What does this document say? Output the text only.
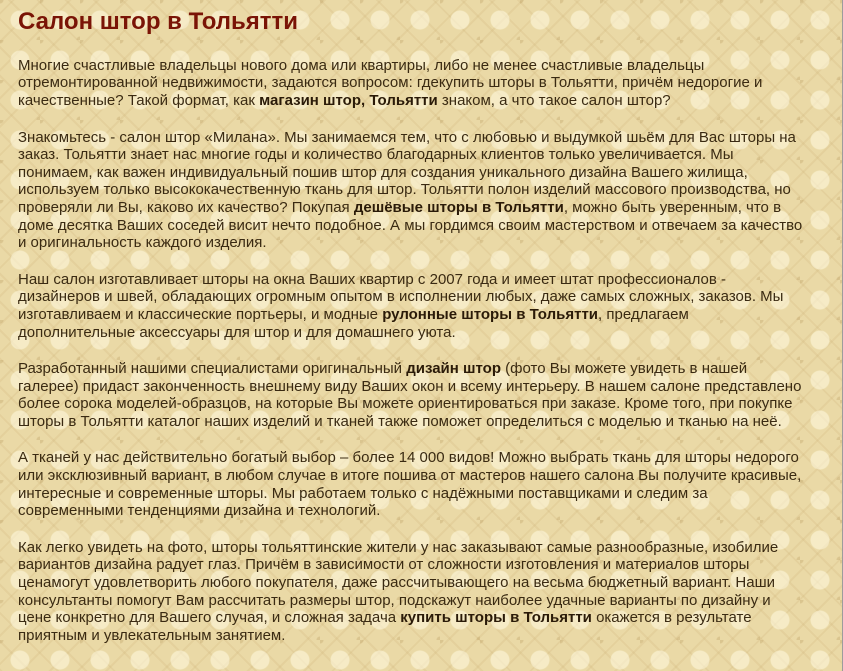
Салон штор в Тольятти

Многие счастливые владельцы нового дома или квартиры, либо не менее счастливые владельцы отремонтированной недвижимости, задаются вопросом: гдекупить шторы в Тольятти, причём недорогие и качественные? Такой формат, как магазин штор, Тольятти знаком, а что такое салон штор?

Знакомьтесь - салон штор «Милана». Мы занимаемся тем, что с любовью и выдумкой шьём для Вас шторы на заказ. Тольятти знает нас многие годы и количество благодарных клиентов только увеличивается. Мы понимаем, как важен индивидуальный пошив штор для создания уникального дизайна Вашего жилища, используем только высококачественную ткань для штор. Тольятти полон изделий массового производства, но проверяли ли Вы, каково их качество? Покупая дешёвые шторы в Тольятти, можно быть уверенным, что в доме десятка Ваших соседей висит нечто подобное. А мы гордимся своим мастерством и отвечаем за качество и оригинальность каждого изделия.

Наш салон изготавливает шторы на окна Ваших квартир с 2007 года и имеет штат профессионалов - дизайнеров и швей, обладающих огромным опытом в исполнении любых, даже самых сложных, заказов. Мы изготавливаем и классические портьеры, и модные рулонные шторы в Тольятти, предлагаем дополнительные аксессуары для штор и для домашнего уюта.

Разработанный нашими специалистами оригинальный дизайн штор (фото Вы можете увидеть в нашей галерее) придаст законченность внешнему виду Ваших окон и всему интерьеру. В нашем салоне представлено более сорока моделей-образцов, на которые Вы можете ориентироваться при заказе. Кроме того, при покупке шторы в Тольятти каталог наших изделий и тканей также поможет определиться с моделью и тканью на неё.

А тканей у нас действительно богатый выбор – более 14 000 видов! Можно выбрать ткань для шторы недорого или эксклюзивный вариант, в любом случае в итоге пошива от мастеров нашего салона Вы получите красивые, интересные и современные шторы. Мы работаем только с надёжными поставщиками и следим за современными тенденциями дизайна и технологий.

Как легко увидеть на фото, шторы тольяттинские жители у нас заказывают самые разнообразные, изобилие вариантов дизайна радует глаз. Причём в зависимости от сложности изготовления и материалов шторы ценамогут удовлетворить любого покупателя, даже рассчитывающего на весьма бюджетный вариант. Наши консультанты помогут Вам рассчитать размеры штор, подскажут наиболее удачные варианты по дизайну и цене конкретно для Вашего случая, и сложная задача купить шторы в Тольятти окажется в результате приятным и увлекательным занятием.
